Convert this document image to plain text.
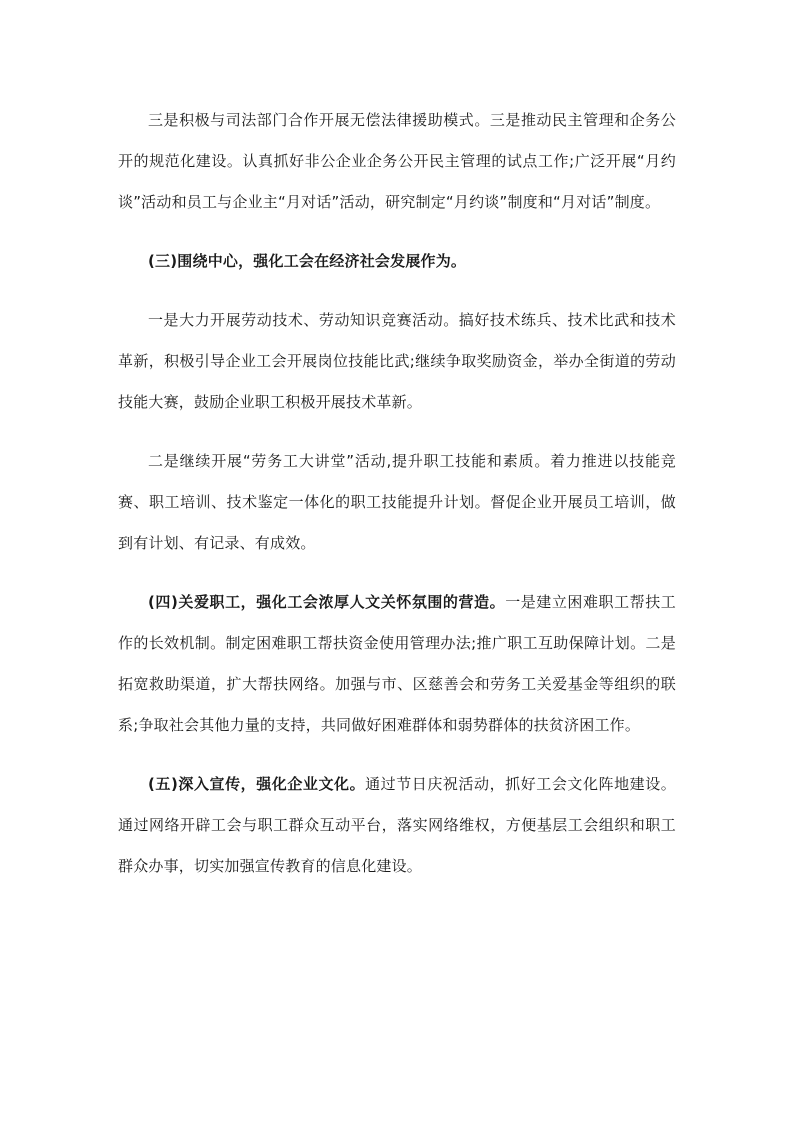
三是积极与司法部门合作开展无偿法律援助模式。三是推动民主管理和企务公开的规范化建设。认真抓好非公企业企务公开民主管理的试点工作;广泛开展“月约谈”活动和员工与企业主“月对话”活动，研究制定“月约谈”制度和“月对话”制度。

(三)围绕中心，强化工会在经济社会发展作为。

一是大力开展劳动技术、劳动知识竞赛活动。搞好技术练兵、技术比武和技术革新，积极引导企业工会开展岗位技能比武;继续争取奖励资金，举办全街道的劳动技能大赛，鼓励企业职工积极开展技术革新。

二是继续开展“劳务工大讲堂”活动,提升职工技能和素质。着力推进以技能竞赛、职工培训、技术鉴定一体化的职工技能提升计划。督促企业开展员工培训，做到有计划、有记录、有成效。

(四)关爱职工，强化工会浓厚人文关怀氛围的营造。一是建立困难职工帮扶工作的长效机制。制定困难职工帮扶资金使用管理办法;推广职工互助保障计划。二是拓宽救助渠道，扩大帮扶网络。加强与市、区慈善会和劳务工关爱基金等组织的联系;争取社会其他力量的支持，共同做好困难群体和弱势群体的扶贫济困工作。

(五)深入宣传，强化企业文化。通过节日庆祝活动，抓好工会文化阵地建设。通过网络开辟工会与职工群众互动平台，落实网络维权，方便基层工会组织和职工群众办事，切实加强宣传教育的信息化建设。
